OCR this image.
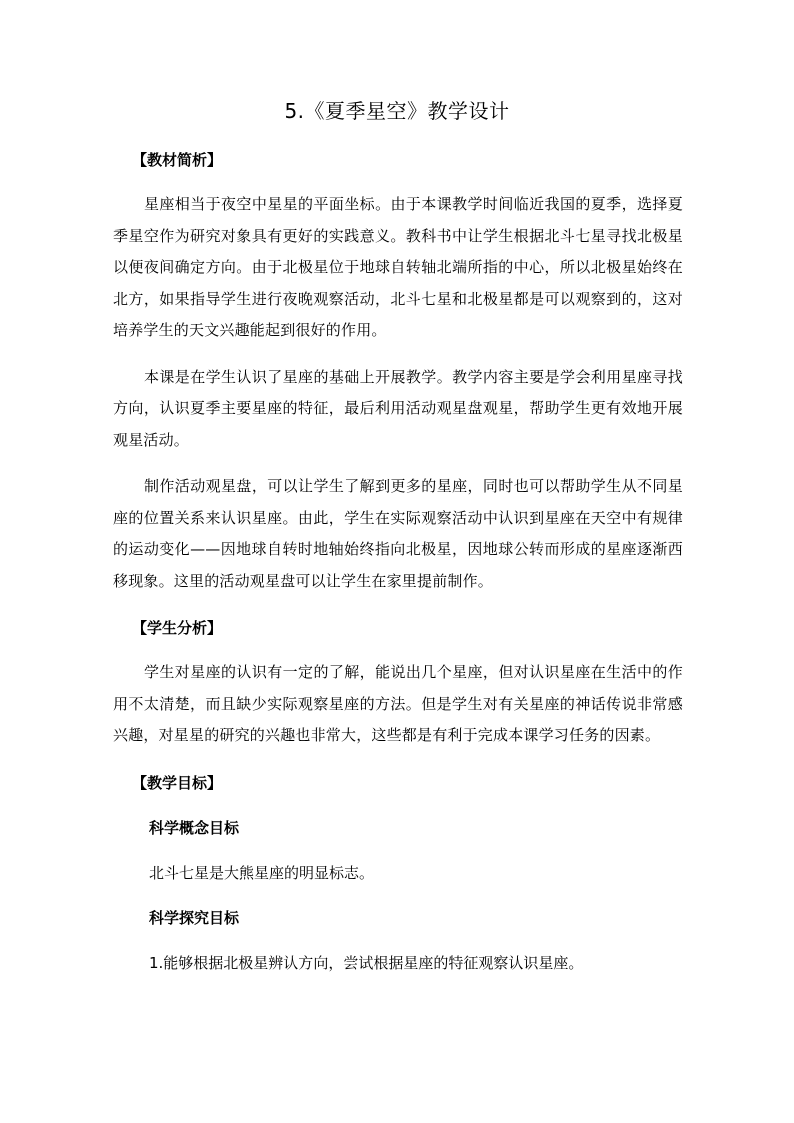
5.《夏季星空》教学设计
【教材简析】

星座相当于夜空中星星的平面坐标。由于本课教学时间临近我国的夏季，选择夏季星空作为研究对象具有更好的实践意义。教科书中让学生根据北斗七星寻找北极星以便夜间确定方向。由于北极星位于地球自转轴北端所指的中心，所以北极星始终在北方，如果指导学生进行夜晚观察活动，北斗七星和北极星都是可以观察到的，这对培养学生的天文兴趣能起到很好的作用。

本课是在学生认识了星座的基础上开展教学。教学内容主要是学会利用星座寻找方向，认识夏季主要星座的特征，最后利用活动观星盘观星，帮助学生更有效地开展观星活动。

制作活动观星盘，可以让学生了解到更多的星座，同时也可以帮助学生从不同星座的位置关系来认识星座。由此，学生在实际观察活动中认识到星座在天空中有规律的运动变化——因地球自转时地轴始终指向北极星，因地球公转而形成的星座逐渐西移现象。这里的活动观星盘可以让学生在家里提前制作。

【学生分析】

学生对星座的认识有一定的了解，能说出几个星座，但对认识星座在生活中的作用不太清楚，而且缺少实际观察星座的方法。但是学生对有关星座的神话传说非常感兴趣，对星星的研究的兴趣也非常大，这些都是有利于完成本课学习任务的因素。

【教学目标】
科学概念目标

北斗七星是大熊星座的明显标志。

科学探究目标

1.能够根据北极星辨认方向，尝试根据星座的特征观察认识星座。
